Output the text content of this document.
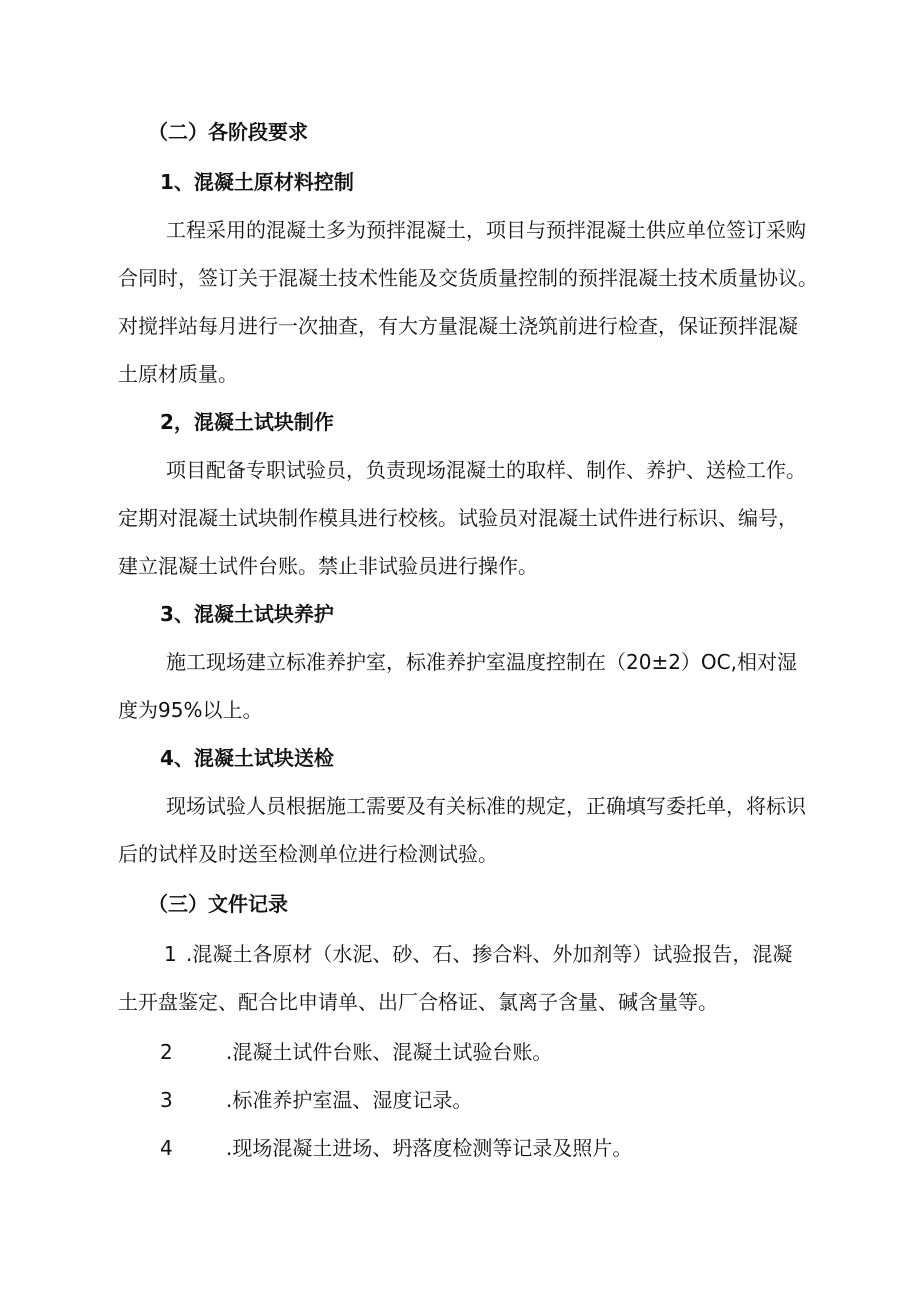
（二）各阶段要求
1、混凝土原材料控制
工程采用的混凝土多为预拌混凝土，项目与预拌混凝土供应单位签订采购
合同时，签订关于混凝土技术性能及交货质量控制的预拌混凝土技术质量协议。
对搅拌站每月进行一次抽查，有大方量混凝土浇筑前进行检查，保证预拌混凝
土原材质量。
2，混凝土试块制作
项目配备专职试验员，负责现场混凝土的取样、制作、养护、送检工作。
定期对混凝土试块制作模具进行校核。试验员对混凝土试件进行标识、编号，
建立混凝土试件台账。禁止非试验员进行操作。
3、混凝土试块养护
施工现场建立标准养护室，标准养护室温度控制在（20±2）OC,相对湿
度为95%以上。
4、混凝土试块送检
现场试验人员根据施工需要及有关标准的规定，正确填写委托单，将标识
后的试样及时送至检测单位进行检测试验。
（三）文件记录
1 .混凝土各原材（水泥、砂、石、掺合料、外加剂等）试验报告，混凝
土开盘鉴定、配合比申请单、出厂合格证、氯离子含量、碱含量等。
2	.混凝土试件台账、混凝土试验台账。
3	.标准养护室温、湿度记录。
4	.现场混凝土进场、坍落度检测等记录及照片。
